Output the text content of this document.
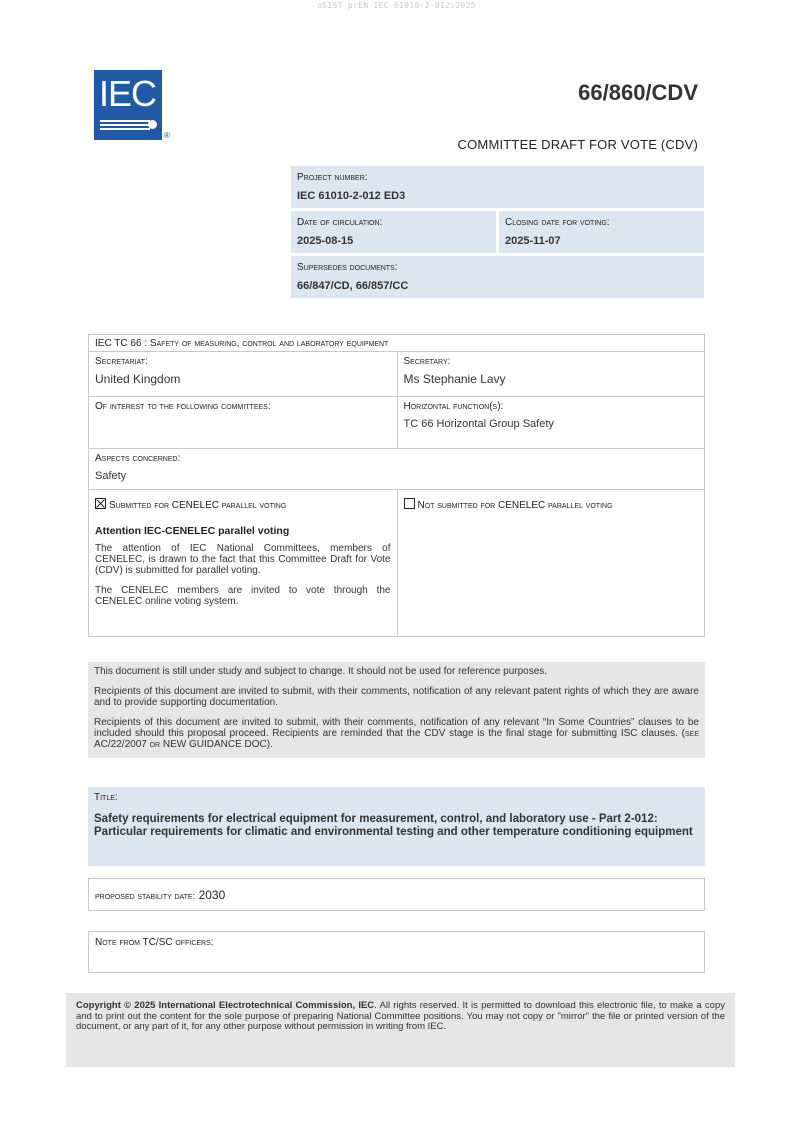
oSIST prEN IEC 61010-2-012:2025
IEC
®
66/860/CDV
COMMITTEE DRAFT FOR VOTE (CDV)
Project number:
IEC 61010-2-012 ED3
Date of circulation:
2025-08-15
Closing date for voting:
2025-11-07
Supersedes documents:
66/847/CD, 66/857/CC
IEC TC 66 : Safety of measuring, control and laboratory equipment
Secretariat:
United Kingdom
Secretary:
Ms Stephanie Lavy
Of interest to the following committees:	Horizontal function(s):
TC 66 Horizontal Group Safety
Aspects concerned:
Safety
Submitted for CENELEC parallel voting
Attention IEC-CENELEC parallel voting
The attention of IEC National Committees, members of CENELEC, is drawn to the fact that this Committee Draft for Vote (CDV) is submitted for parallel voting.
The CENELEC members are invited to vote through the CENELEC online voting system.
Not submitted for CENELEC parallel voting

This document is still under study and subject to change. It should not be used for reference purposes.

Recipients of this document are invited to submit, with their comments, notification of any relevant patent rights of which they are aware and to provide supporting documentation.

Recipients of this document are invited to submit, with their comments, notification of any relevant “In Some Countries” clauses to be included should this proposal proceed. Recipients are reminded that the CDV stage is the final stage for submitting ISC clauses. (see AC/22/2007 or NEW GUIDANCE DOC).

Title:
Safety requirements for electrical equipment for measurement, control, and laboratory use - Part 2-012: Particular requirements for climatic and environmental testing and other temperature conditioning equipment
proposed stability date: 2030
Note from TC/SC officers:
Copyright © 2025 International Electrotechnical Commission, IEC. All rights reserved. It is permitted to download this electronic file, to make a copy and to print out the content for the sole purpose of preparing National Committee positions. You may not copy or "mirror" the file or printed version of the document, or any part of it, for any other purpose without permission in writing from IEC.
